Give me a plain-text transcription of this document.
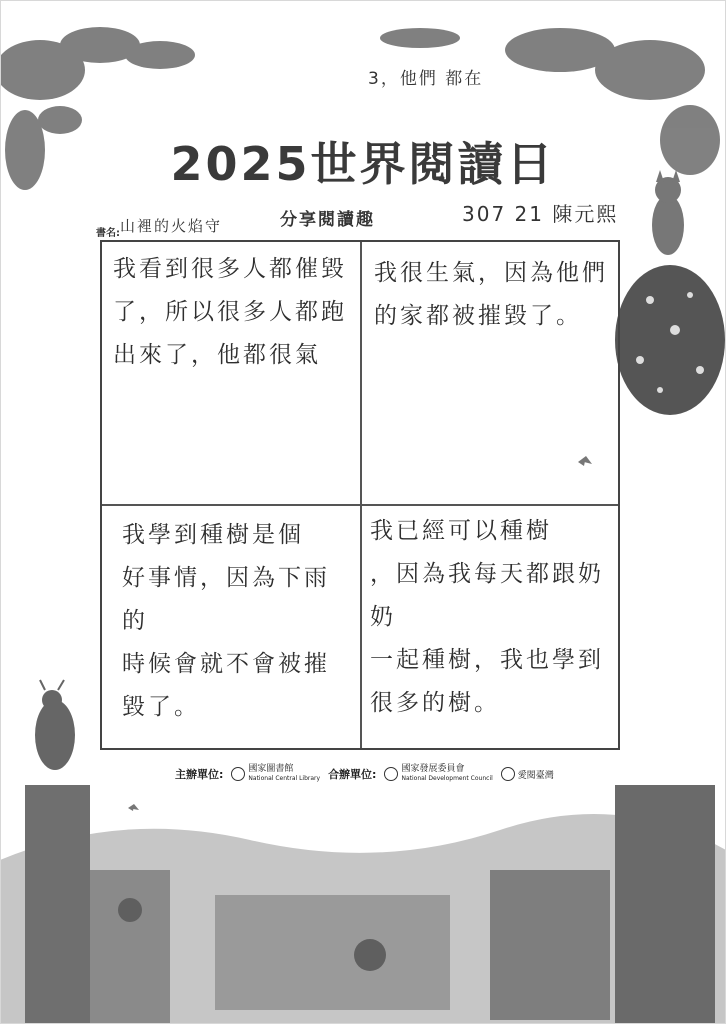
3，他們 都在
2025世界閱讀日
分享閱讀趣	307 21 陳元熙
書名: 山裡的火焰守
我看到很多人都催毀
了，所以很多人都跑
出來了，他都很氣
我很生氣，因為他們
的家都被摧毀了。
我學到種樹是個
好事情，因為下雨的
時候會就不會被摧
毀了。
我已經可以種樹
，因為我每天都跟奶奶
一起種樹，我也學到
很多的樹。
主辦單位:	國家圖書館
National Central Library 合辦單位:	國家發展委員會
National Development Council	愛閱臺灣
